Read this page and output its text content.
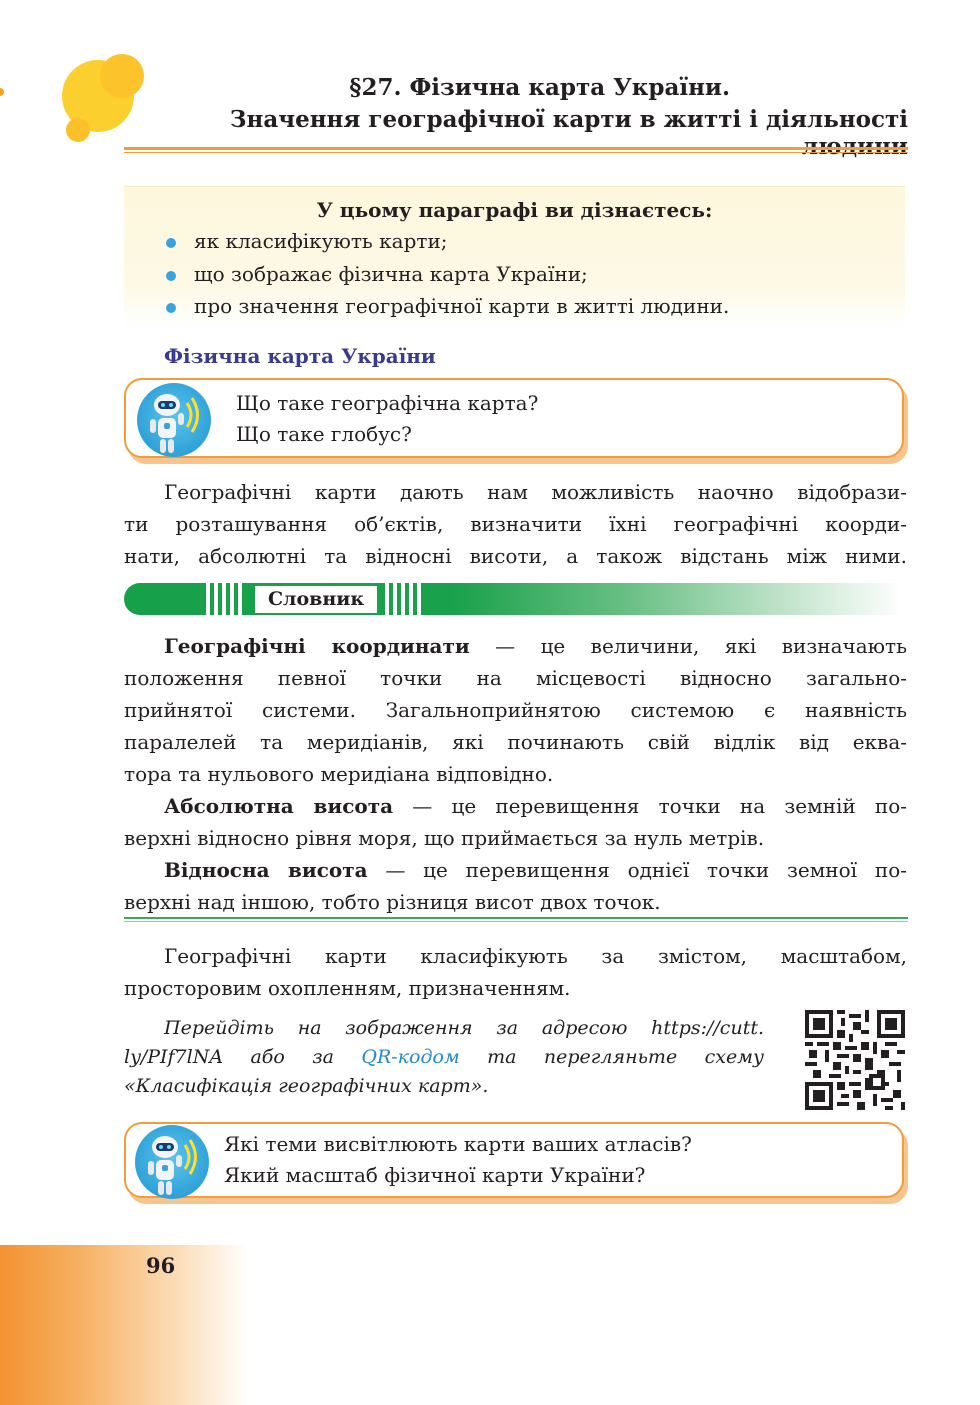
§27. Фізична карта України.
Значення географічної карти в житті і діяльності
У цьому параграфі ви дізнаєтесь:
як класифікують карти;
що зображає фізична карта України;
про значення географічної карти в житті людини.
Фізична карта України
Що таке географічна карта?
Що таке глобус?
Географічні карти дають нам можливість наочно відобрази-
ти розташування об’єктів, визначити їхні географічні коорди-
нати, абсолютні та відносні висоти, а також відстань між ними.
Словник
Географічні координати — це величини, які визначають
положення певної точки на місцевості відносно загально-
прийнятої системи. Загальноприйнятою системою є наявність
паралелей та меридіанів, які починають свій відлік від еква-
тора та нульового меридіана відповідно.
Абсолютна висота — це перевищення точки на земній по-
верхні відносно рівня моря, що приймається за нуль метрів.
Відносна висота — це перевищення однієї точки земної по-
верхні над іншою, тобто різниця висот двох точок.
Географічні карти класифікують за змістом, масштабом,
просторовим охопленням, призначенням.
Перейдіть на зображення за адресою https://cutt.
ly/PIf7lNA або за QR-кодом та перегляньте схему
«Класифікація географічних карт».
Які теми висвітлюють карти ваших атласів?
Який масштаб фізичної карти України?
96
